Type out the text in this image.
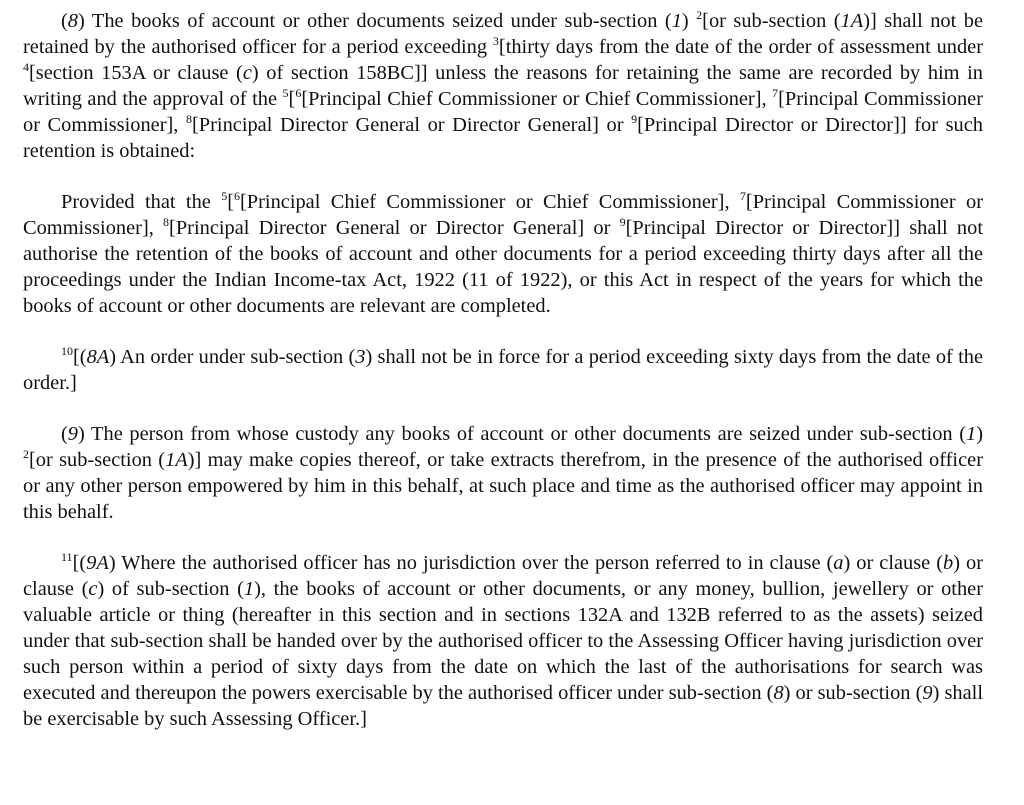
(8) The books of account or other documents seized under sub-section (1) $^2$[or sub-section (1A)] shall not be retained by the authorised officer for a period exceeding $^3$[thirty days from the date of the order of assessment under $^4$[section 153A or clause (c) of section 158BC]] unless the reasons for retaining the same are recorded by him in writing and the approval of the $^5$[$^6$[Principal Chief Commissioner or Chief Commissioner], $^7$[Principal Commissioner or Commissioner], $^8$[Principal Director General or Director General] or $^9$[Principal Director or Director]] for such retention is obtained:

Provided that the $^5$[$^6$[Principal Chief Commissioner or Chief Commissioner], $^7$[Principal Commissioner or Commissioner], $^8$[Principal Director General or Director General] or $^9$[Principal Director or Director]] shall not authorise the retention of the books of account and other documents for a period exceeding thirty days after all the proceedings under the Indian Income-tax Act, 1922 (11 of 1922), or this Act in respect of the years for which the books of account or other documents are relevant are completed.

$^{10}$[(8A) An order under sub-section (3) shall not be in force for a period exceeding sixty days from the date of the order.]

(9) The person from whose custody any books of account or other documents are seized under sub-section (1) $^2$[or sub-section (1A)] may make copies thereof, or take extracts therefrom, in the presence of the authorised officer or any other person empowered by him in this behalf, at such place and time as the authorised officer may appoint in this behalf.

$^{11}$[(9A) Where the authorised officer has no jurisdiction over the person referred to in clause (a) or clause (b) or clause (c) of sub-section (1), the books of account or other documents, or any money, bullion, jewellery or other valuable article or thing (hereafter in this section and in sections 132A and 132B referred to as the assets) seized under that sub-section shall be handed over by the authorised officer to the Assessing Officer having jurisdiction over such person within a period of sixty days from the date on which the last of the authorisations for search was executed and thereupon the powers exercisable by the authorised officer under sub-section (8) or sub-section (9) shall be exercisable by such Assessing Officer.]
